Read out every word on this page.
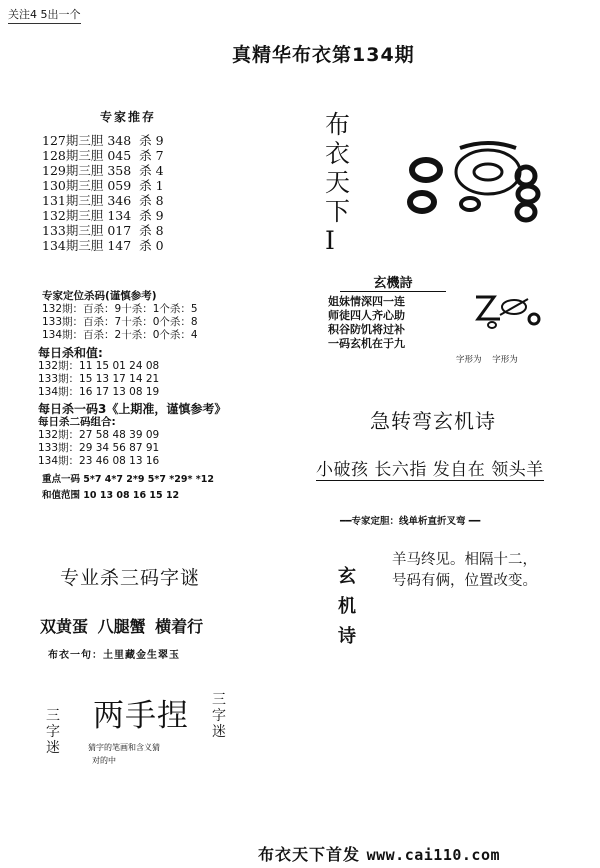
关注4 5出一个
真精华布衣第134期
专家推存
127期三胆 348  杀 9
128期三胆 045  杀 7
129期三胆 358  杀 4
130期三胆 059  杀 1
131期三胆 346  杀 8
132期三胆 134  杀 9
133期三胆 017  杀 8
134期三胆 147  杀 0
专家定位杀码(谨慎参考)
132期：百杀：9十杀：1个杀：5
133期：百杀：7十杀：0个杀：8
134期：百杀：2十杀：0个杀：4
每日杀和值:
132期：11 15 01 24 08
133期：15 13 17 14 21
134期：16 17 13 08 19
每日杀一码3《上期准，谨慎参考》
每日杀二码组合:
132期：27 58 48 39 09
133期：29 34 56 87 91
134期：23 46 08 13 16
重点一码 5*7 4*7 2*9 5*7 *29* *12
和值范围 10 13 08 16 15 12
专业杀三码字谜
双黄蛋 八腿蟹 横着行
布衣一句：土里藏金生翠玉
三字迷
两手捏 三字迷
猜字的笔画和含义猜
对的中
布衣天下I
玄機詩
姐妹情深四一连
师徒四人齐心助
积谷防饥将过补
一码玄机在于九
字形为 字形为
急转弯玄机诗
小破孩 长六指 发自在 领头羊
━━专家定胆：线单析直折叉弯 ━━
玄机诗
羊马终见。相隔十二，
号码有俩，位置改变。
布衣天下首发 www.cai110.com
